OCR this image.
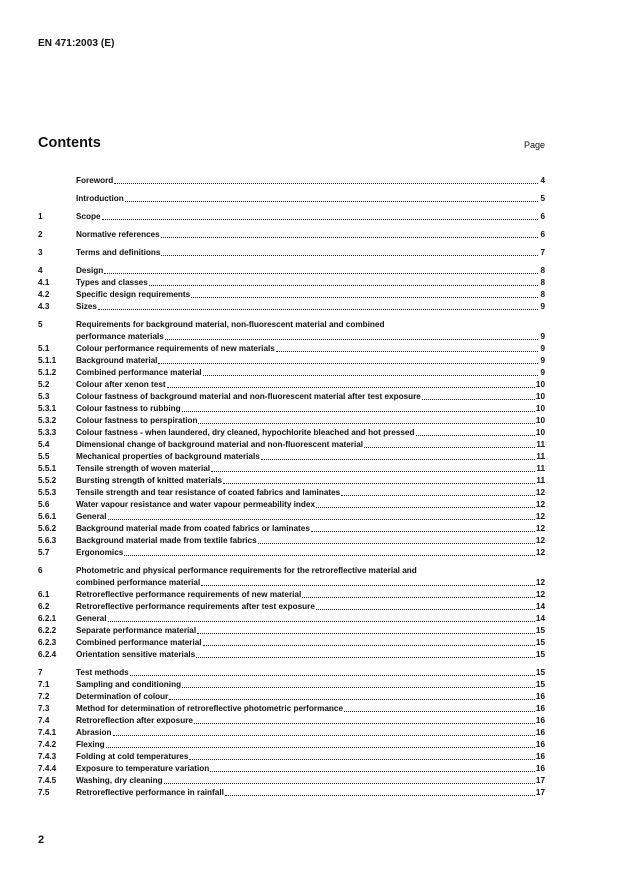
EN 471:2003 (E)
Contents	Page
Foreword	4
Introduction	5
1	Scope	6
2	Normative references	6
3	Terms and definitions	7
4	Design	8
4.1	Types and classes	8
4.2	Specific design requirements	8
4.3	Sizes	9
5	Requirements for background material, non-fluorescent material and combined
performance materials	9
5.1	Colour performance requirements of new materials	9
5.1.1	Background material	9
5.1.2	Combined performance material	9
5.2	Colour after xenon test	10
5.3	Colour fastness of background material and non-fluorescent material after test exposure	10
5.3.1	Colour fastness to rubbing	10
5.3.2	Colour fastness to perspiration	10
5.3.3	Colour fastness - when laundered, dry cleaned, hypochlorite bleached and hot pressed	10
5.4	Dimensional change of background material and non-fluorescent material	11
5.5	Mechanical properties of background materials	11
5.5.1	Tensile strength of woven material	11
5.5.2	Bursting strength of knitted materials	11
5.5.3	Tensile strength and tear resistance of coated fabrics and laminates	12
5.6	Water vapour resistance and water vapour permeability index	12
5.6.1	General	12
5.6.2	Background material made from coated fabrics or laminates	12
5.6.3	Background material made from textile fabrics	12
5.7	Ergonomics	12
6	Photometric and physical performance requirements for the retroreflective material and
combined performance material	12
6.1	Retroreflective performance requirements of new material	12
6.2	Retroreflective performance requirements after test exposure	14
6.2.1	General	14
6.2.2	Separate performance material	15
6.2.3	Combined performance material	15
6.2.4	Orientation sensitive materials	15
7	Test methods	15
7.1	Sampling and conditioning	15
7.2	Determination of colour	16
7.3	Method for determination of retroreflective photometric performance	16
7.4	Retroreflection after exposure	16
7.4.1	Abrasion	16
7.4.2	Flexing	16
7.4.3	Folding at cold temperatures	16
7.4.4	Exposure to temperature variation	16
7.4.5	Washing, dry cleaning	17
7.5	Retroreflective performance in rainfall	17
2
